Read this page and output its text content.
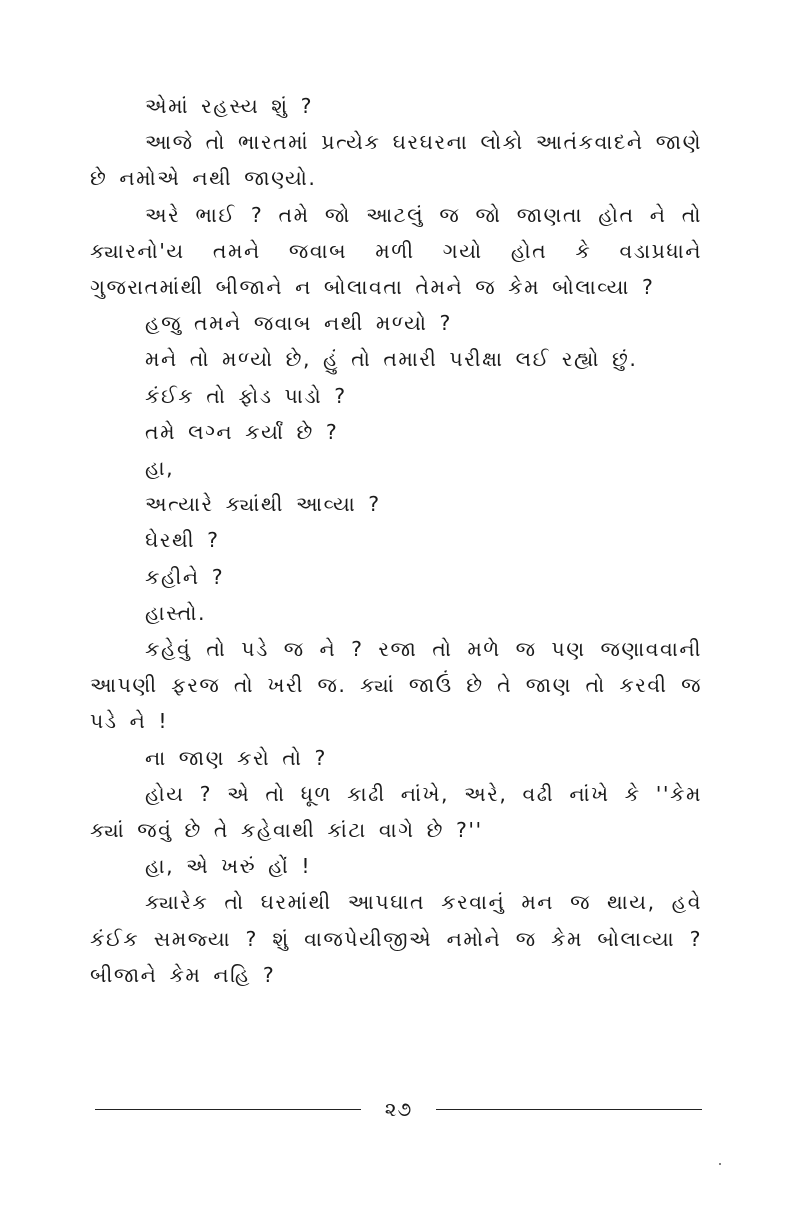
એમાં રહસ્ય શું ?

આજે તો ભારતમાં પ્રત્યેક ઘરઘરના લોકો આતંકવાદને જાણે છે નમોએ નથી જાણ્યો.

અરે ભાઈ ? તમે જો આટલું જ જો જાણતા હોત ને તો ક્યારનો'ય તમને જવાબ મળી ગયો હોત કે વડાપ્રધાને ગુજરાતમાંથી બીજાને ન બોલાવતા તેમને જ કેમ બોલાવ્યા ?

હજુ તમને જવાબ નથી મળ્યો ?

મને તો મળ્યો છે, હું તો તમારી પરીક્ષા લઈ રહ્યો છું.

કંઈક તો ફોડ પાડો ?

તમે લગ્ન કર્યાં છે ?

હા,

અત્યારે ક્યાંથી આવ્યા ?

ઘેરથી ?

કહીને ?

હાસ્તો.

કહેવું તો પડે જ ને ? રજા તો મળે જ પણ જણાવવાની આપણી ફરજ તો ખરી જ. ક્યાં જાઉં છે તે જાણ તો કરવી જ પડે ને !

ના જાણ કરો તો ?

હોય ? એ તો ધૂળ કાઢી નાંખે, અરે, વઢી નાંખે કે ''કેમ ક્યાં જવું છે તે કહેવાથી કાંટા વાગે છે ?''

હા, એ ખરું હોં !

ક્યારેક તો ઘરમાંથી આપઘાત કરવાનું મન જ થાય, હવે કંઈક સમજ્યા ? શું વાજપેયીજીએ નમોને જ કેમ બોલાવ્યા ? બીજાને કેમ નહિ ?

૨૭
